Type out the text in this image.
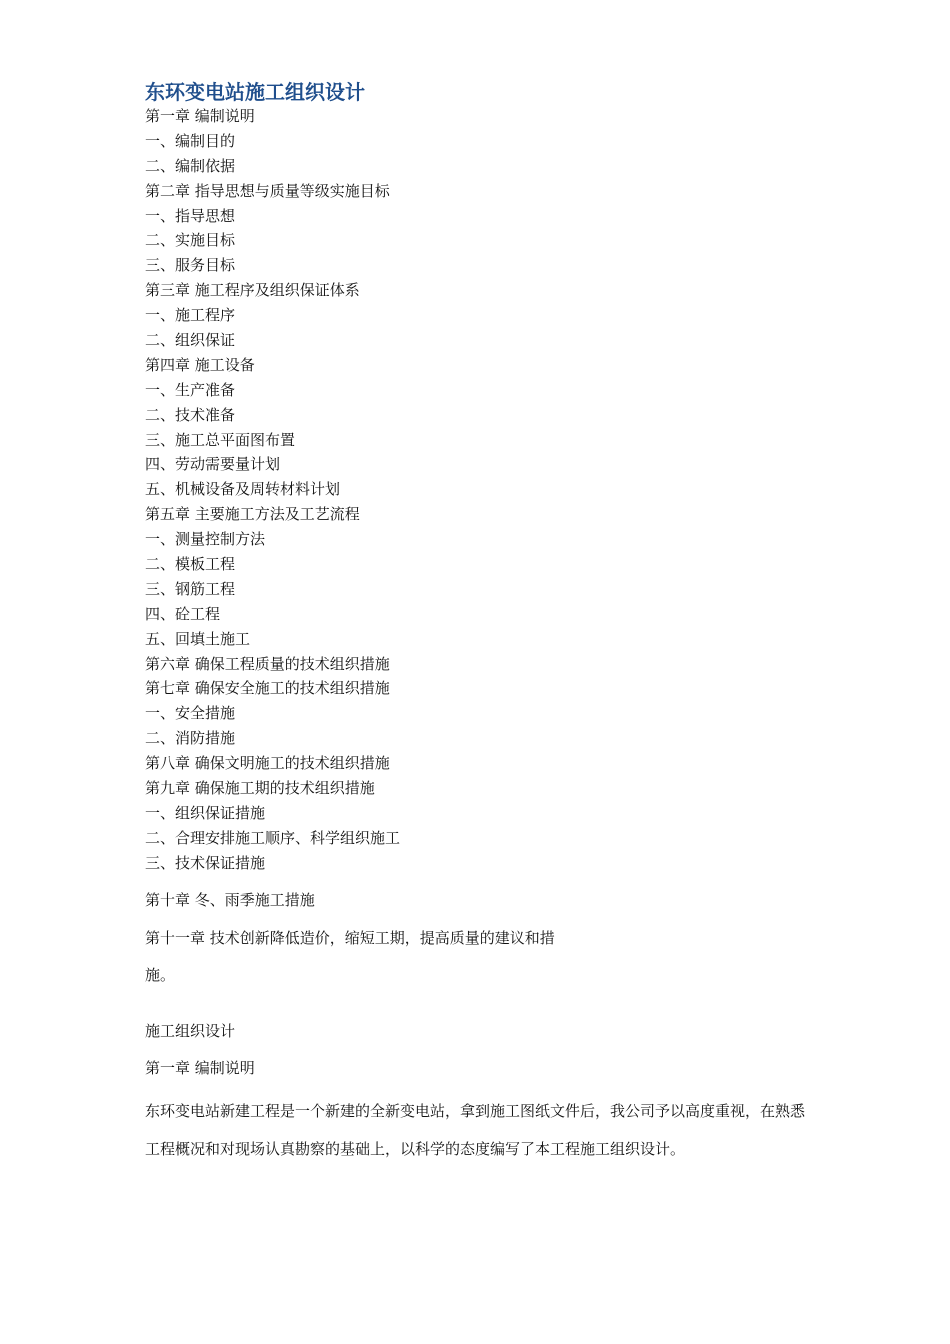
东环变电站施工组织设计
第一章 编制说明
一、编制目的
二、编制依据
第二章 指导思想与质量等级实施目标
一、指导思想
二、实施目标
三、服务目标
第三章 施工程序及组织保证体系
一、施工程序
二、组织保证
第四章 施工设备
一、生产准备
二、技术准备
三、施工总平面图布置
四、劳动需要量计划
五、机械设备及周转材料计划
第五章 主要施工方法及工艺流程
一、测量控制方法
二、模板工程
三、钢筋工程
四、砼工程
五、回填土施工
第六章 确保工程质量的技术组织措施
第七章 确保安全施工的技术组织措施
一、安全措施
二、消防措施
第八章 确保文明施工的技术组织措施
第九章 确保施工期的技术组织措施
一、组织保证措施
二、合理安排施工顺序、科学组织施工
三、技术保证措施

第十章 冬、雨季施工措施

第十一章 技术创新降低造价，缩短工期，提高质量的建议和措

施。

施工组织设计

第一章 编制说明

东环变电站新建工程是一个新建的全新变电站，拿到施工图纸文件后，我公司予以高度重视，在熟悉工程概况和对现场认真勘察的基础上，以科学的态度编写了本工程施工组织设计。
